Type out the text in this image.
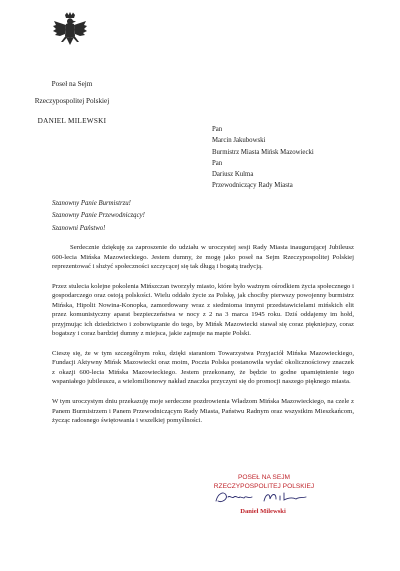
Poseł na Sejm
Rzeczypospolitej Polskiej
DANIEL MILEWSKI
Pan
Marcin Jakubowski
Burmistrz Miasta Mińsk Mazowiecki
Pan
Dariusz Kulma
Przewodniczący Rady Miasta
Szanowny Panie Burmistrzu!
Szanowny Panie Przewodniczący!
Szanowni Państwo!

Serdecznie dziękuję za zaproszenie do udziału w uroczystej sesji Rady Miasta inaugurującej Jubileusz 600-lecia Mińska Mazowieckiego. Jestem dumny, że mogę jako poseł na Sejm Rzeczypospolitej Polskiej reprezentować i służyć społeczności szczycącej się tak długą i bogatą tradycją.

Przez stulecia kolejne pokolenia Mińszczan tworzyły miasto, które było ważnym ośrodkiem życia społecznego i gospodarczego oraz ostoją polskości. Wielu oddało życie za Polskę, jak chociby pierwszy powojenny burmistrz Mińska, Hipolit Nowina-Konopka, zamordowany wraz z siedmioma innymi przedstawicielami mińskich elit przez komunistyczny aparat bezpieczeństwa w nocy z 2 na 3 marca 1945 roku. Dziś oddajemy im hołd, przyjmując ich dziedzictwo i zobowiązanie do tego, by Mińsk Mazowiecki stawał się coraz piękniejszy, coraz bogatszy i coraz bardziej dumny z miejsca, jakie zajmuje na mapie Polski.

Cieszę się, że w tym szczególnym roku, dzięki staraniom Towarzystwa Przyjaciół Mińska Mazowieckiego, Fundacji Aktywny Mińsk Mazowiecki oraz moim, Poczta Polska postanowiła wydać okolicznościowy znaczek z okazji 600-lecia Mińska Mazowieckiego. Jestem przekonany, że będzie to godne upamiętnienie tego wspaniałego jubileuszu, a wielomilionowy nakład znaczka przyczyni się do promocji naszego pięknego miasta.

W tym uroczystym dniu przekazuję moje serdeczne pozdrowienia Władzom Mińska Mazowieckiego, na czele z Panem Burmistrzem i Panem Przewodniczącym Rady Miasta, Państwu Radnym oraz wszystkim Mieszkańcom, życząc radosnego świętowania i wszelkiej pomyślności.

POSEŁ NA SEJM
RZECZYPOSPOLITEJ POLSKIEJ
Daniel Milewski
